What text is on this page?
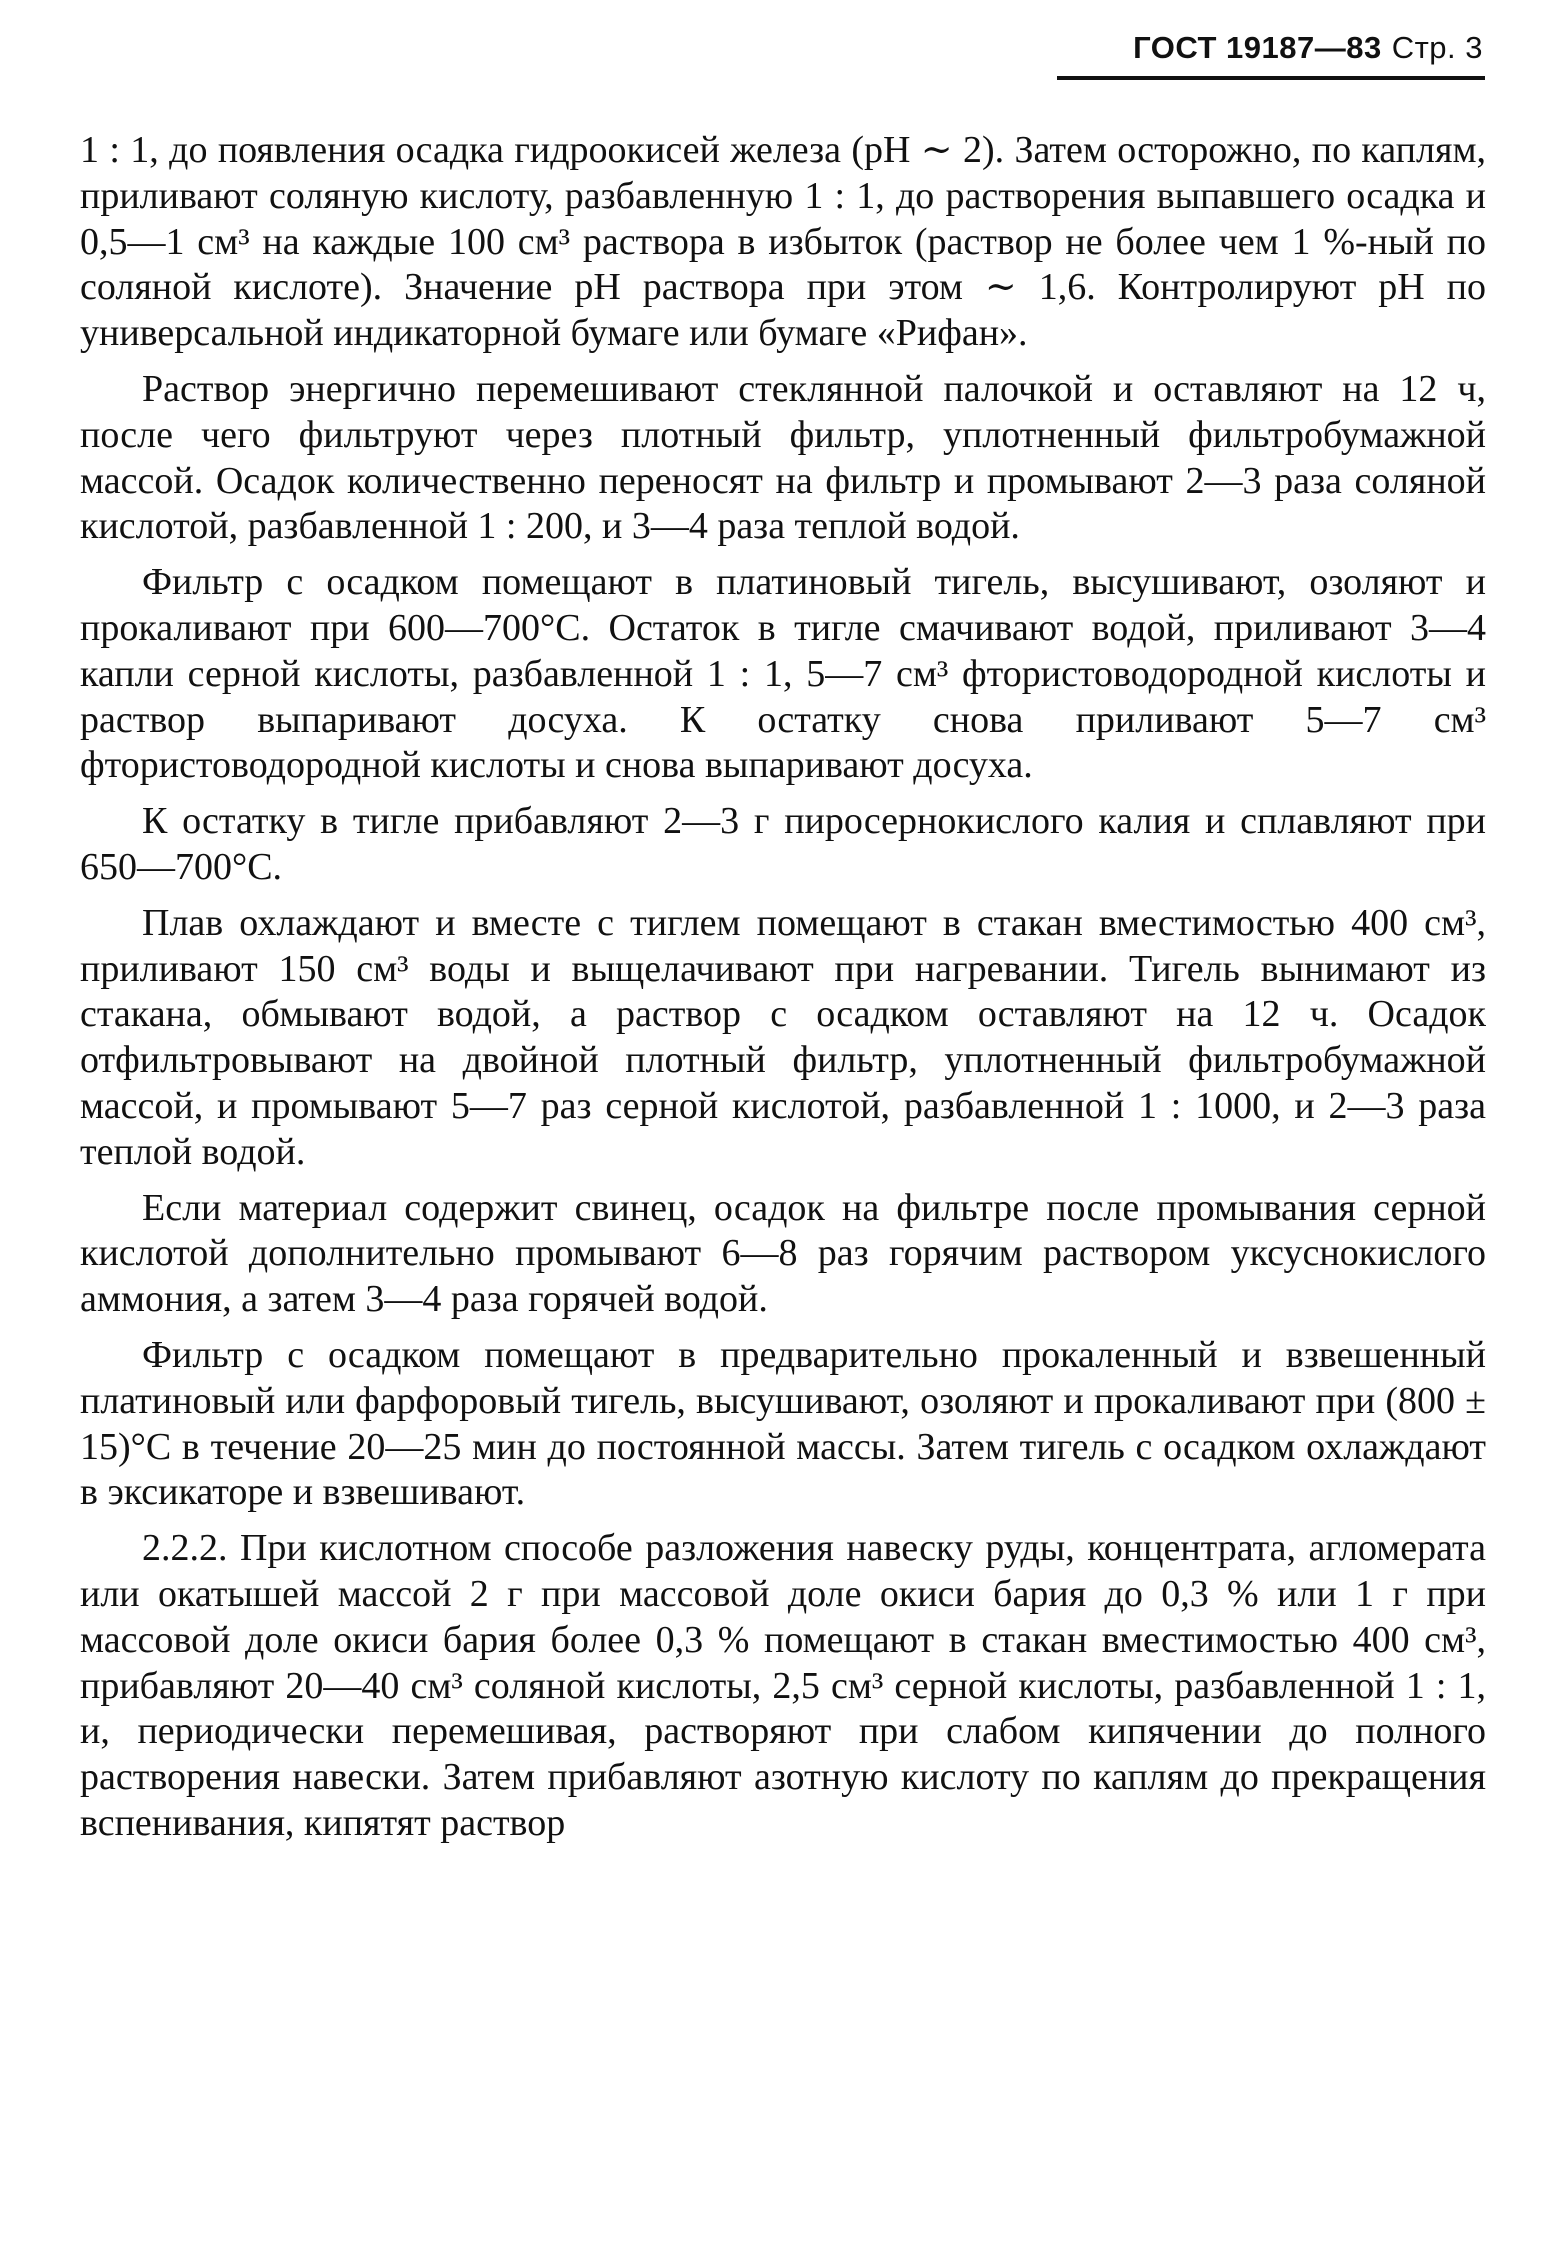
ГОСТ 19187—83 Стр. 3

1 : 1, до появления осадка гидроокисей железа (pH ∼ 2). Затем осторожно, по каплям, приливают соляную кислоту, разбавленную 1 : 1, до растворения выпавшего осадка и 0,5—1 см³ на каждые 100 см³ раствора в избыток (раствор не более чем 1 %-ный по соляной кислоте). Значение pH раствора при этом ∼ 1,6. Контролируют pH по универсальной индикаторной бумаге или бумаге «Рифан».

Раствор энергично перемешивают стеклянной палочкой и оставляют на 12 ч, после чего фильтруют через плотный фильтр, уплотненный фильтробумажной массой. Осадок количественно переносят на фильтр и промывают 2—3 раза соляной кислотой, разбавленной 1 : 200, и 3—4 раза теплой водой.

Фильтр с осадком помещают в платиновый тигель, высушивают, озоляют и прокаливают при 600—700°С. Остаток в тигле смачивают водой, приливают 3—4 капли серной кислоты, разбавленной 1 : 1, 5—7 см³ фтористоводородной кислоты и раствор выпаривают досуха. К остатку снова приливают 5—7 см³ фтористоводородной кислоты и снова выпаривают досуха.

К остатку в тигле прибавляют 2—3 г пиросернокислого калия и сплавляют при 650—700°С.

Плав охлаждают и вместе с тиглем помещают в стакан вместимостью 400 см³, приливают 150 см³ воды и выщелачивают при нагревании. Тигель вынимают из стакана, обмывают водой, а раствор с осадком оставляют на 12 ч. Осадок отфильтровывают на двойной плотный фильтр, уплотненный фильтробумажной массой, и промывают 5—7 раз серной кислотой, разбавленной 1 : 1000, и 2—3 раза теплой водой.

Если материал содержит свинец, осадок на фильтре после промывания серной кислотой дополнительно промывают 6—8 раз горячим раствором уксуснокислого аммония, а затем 3—4 раза горячей водой.

Фильтр с осадком помещают в предварительно прокаленный и взвешенный платиновый или фарфоровый тигель, высушивают, озоляют и прокаливают при (800 ± 15)°С в течение 20—25 мин до постоянной массы. Затем тигель с осадком охлаждают в эксикаторе и взвешивают.

2.2.2. При кислотном способе разложения навеску руды, концентрата, агломерата или окатышей массой 2 г при массовой доле окиси бария до 0,3 % или 1 г при массовой доле окиси бария более 0,3 % помещают в стакан вместимостью 400 см³, прибавляют 20—40 см³ соляной кислоты, 2,5 см³ серной кислоты, разбавленной 1 : 1, и, периодически перемешивая, растворяют при слабом кипячении до полного растворения навески. Затем прибавляют азотную кислоту по каплям до прекращения вспенивания, кипятят раствор
